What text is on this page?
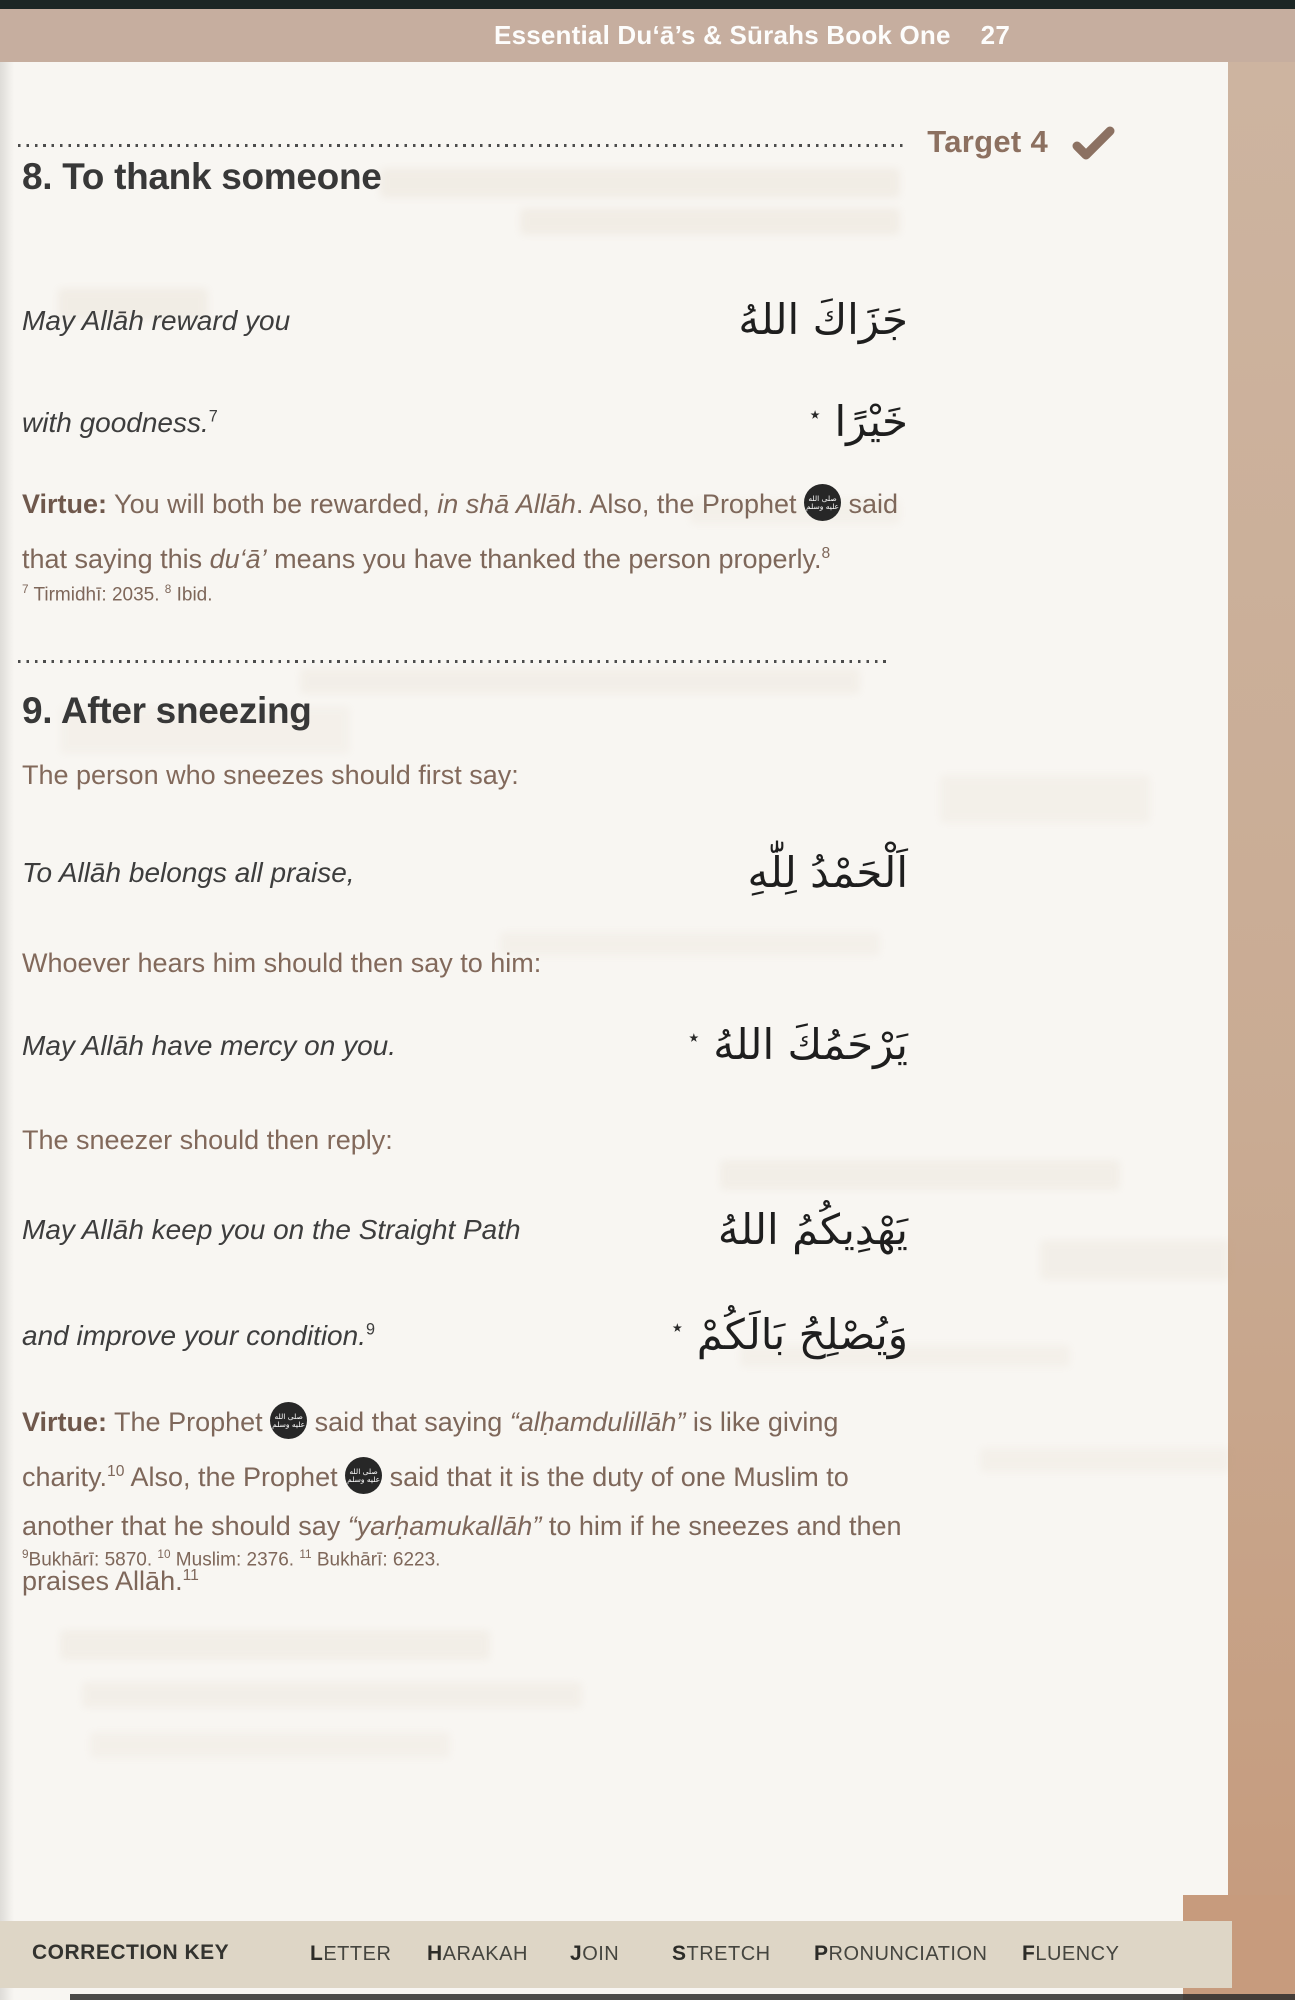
Essential Du‘ā’s & Sūrahs Book One 27
Target 4
8. To thank someone
May Allāh reward you	جَزَاكَ اللهُ
with goodness.$^7$	خَيْرًا٭
Virtue: You will both be rewarded, in shā Allāh. Also, the Prophet صلى الله عليه وسلم said that saying this du‘ā’ means you have thanked the person properly.$^8$
$^7$ Tirmidhī: 2035. $^8$ Ibid.
9. After sneezing
The person who sneezes should first say:
To Allāh belongs all praise,	اَلْحَمْدُ لِلّٰهِ
Whoever hears him should then say to him:
May Allāh have mercy on you.	يَرْحَمُكَ اللهُ٭
The sneezer should then reply:
May Allāh keep you on the Straight Path	يَهْدِيكُمُ اللهُ
and improve your condition.$^9$	وَيُصْلِحُ بَالَكُمْ٭
Virtue: The Prophet صلى الله عليه وسلم said that saying “alḥamdulillāh” is like giving charity.$^{10}$ Also, the Prophet صلى الله عليه وسلم said that it is the duty of one Muslim to another that he should say “yarḥamukallāh” to him if he sneezes and then praises Allāh.$^{11}$
$^9$Bukhārī: 5870. $^{10}$ Muslim: 2376. $^{11}$ Bukhārī: 6223.
CORRECTION KEY	LETTER HARAKAH JOIN	STRETCH PRONUNCIATION FLUENCY
